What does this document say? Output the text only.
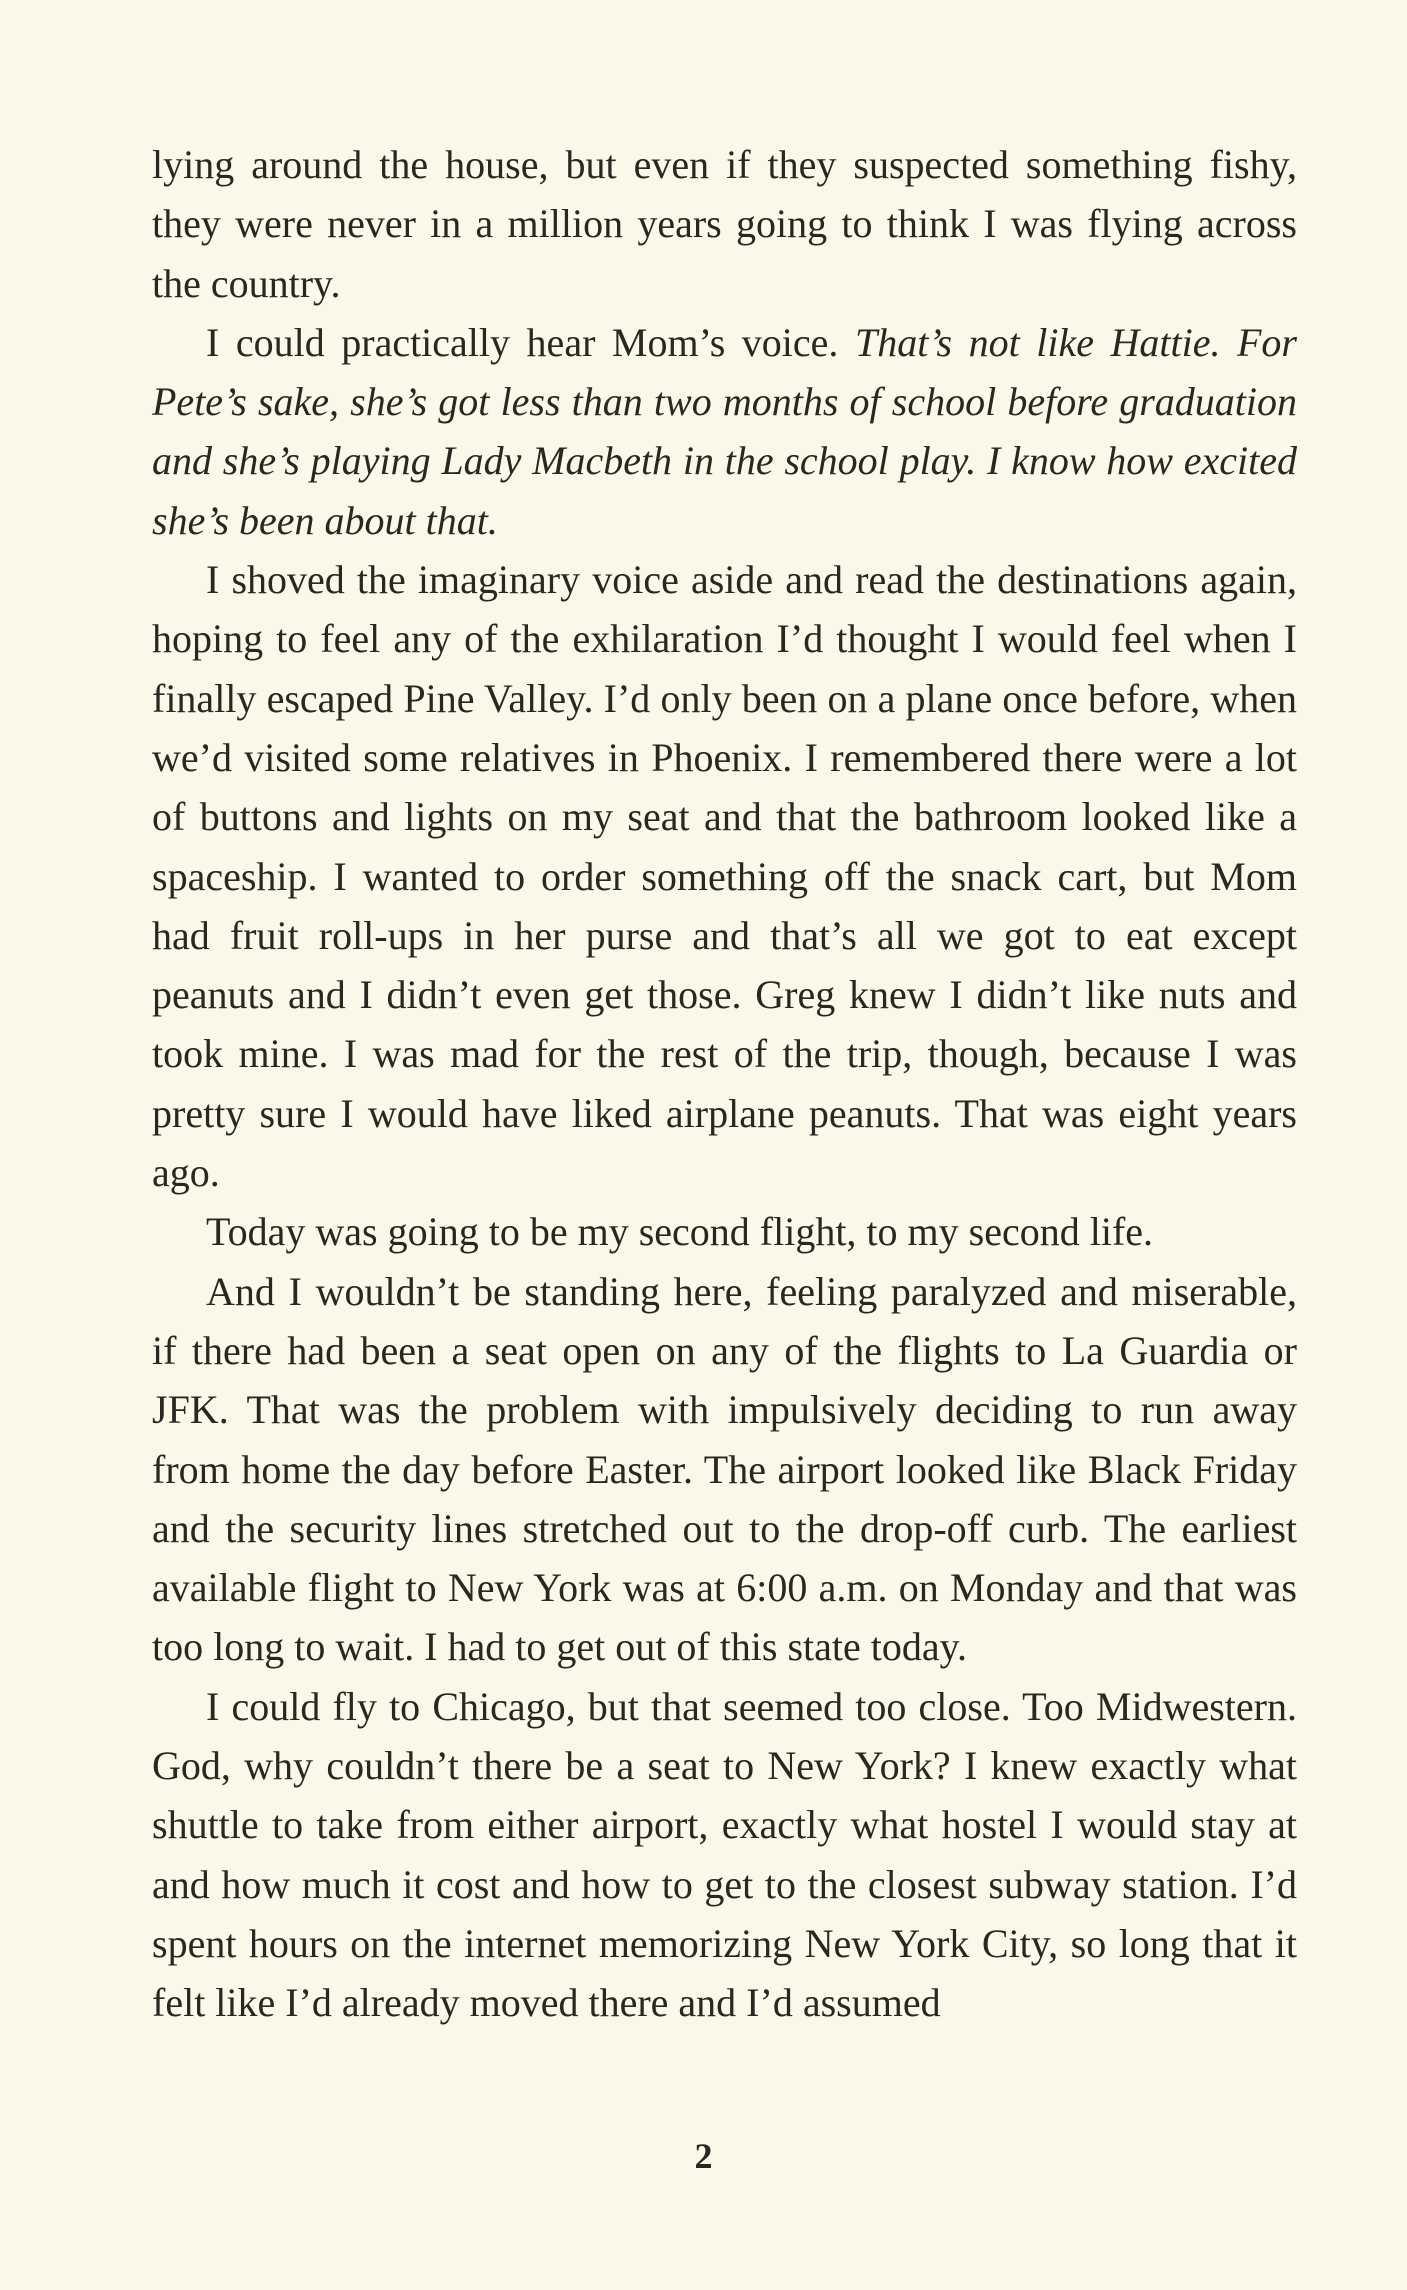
lying around the house, but even if they suspected something fishy, they were never in a million years going to think I was flying across the country.

I could practically hear Mom’s voice. That’s not like Hattie. For Pete’s sake, she’s got less than two months of school before graduation and she’s playing Lady Macbeth in the school play. I know how excited she’s been about that.

I shoved the imaginary voice aside and read the destinations again, hoping to feel any of the exhilaration I’d thought I would feel when I finally escaped Pine Valley. I’d only been on a plane once before, when we’d visited some relatives in Phoenix. I remembered there were a lot of buttons and lights on my seat and that the bathroom looked like a spaceship. I wanted to order something off the snack cart, but Mom had fruit roll-ups in her purse and that’s all we got to eat except peanuts and I didn’t even get those. Greg knew I didn’t like nuts and took mine. I was mad for the rest of the trip, though, because I was pretty sure I would have liked airplane peanuts. That was eight years ago.

Today was going to be my second flight, to my second life.

And I wouldn’t be standing here, feeling paralyzed and miserable, if there had been a seat open on any of the flights to La Guardia or JFK. That was the problem with impulsively deciding to run away from home the day before Easter. The airport looked like Black Friday and the security lines stretched out to the drop-off curb. The earliest available flight to New York was at 6:00 a.m. on Monday and that was too long to wait. I had to get out of this state today.

I could fly to Chicago, but that seemed too close. Too Midwestern. God, why couldn’t there be a seat to New York? I knew exactly what shuttle to take from either airport, exactly what hostel I would stay at and how much it cost and how to get to the closest subway station. I’d spent hours on the internet memorizing New York City, so long that it felt like I’d already moved there and I’d assumed

2
